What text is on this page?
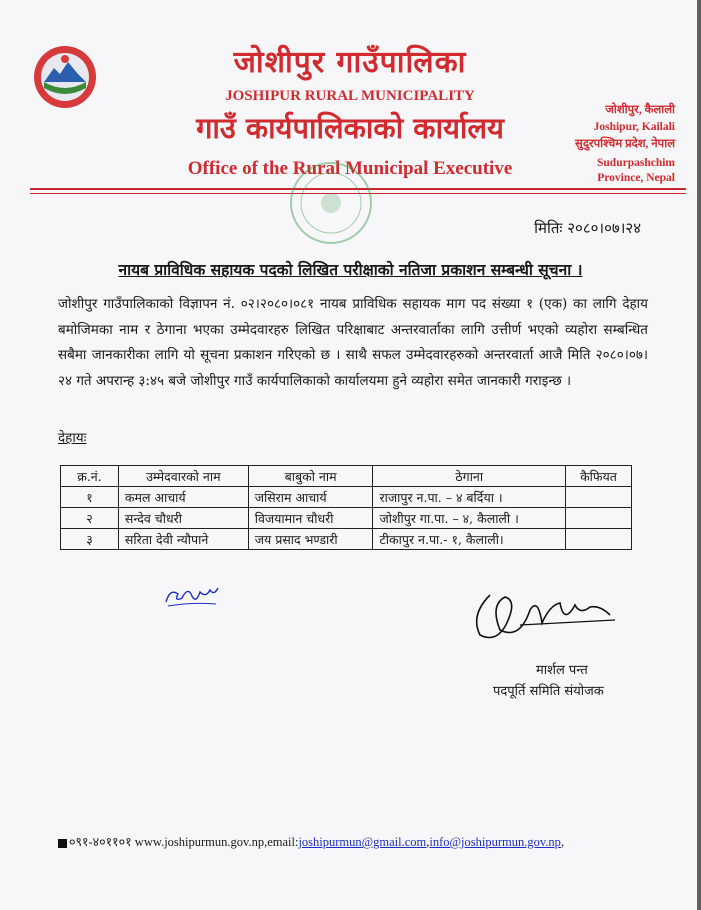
जोशीपुर गाउँपालिका
JOSHIPUR RURAL MUNICIPALITY
गाउँ कार्यपालिकाको कार्यालय
Office of the Rural Municipal Executive
जोशीपुर, कैलाली
Joshipur, Kailali
सुदुरपश्चिम प्रदेश, नेपाल
Sudurpashchim
Province, Nepal
मितिः २०८०।०७।२४
नायब प्राविधिक सहायक पदको लिखित परीक्षाको नतिजा प्रकाशन सम्बन्धी सूचना ।
जोशीपुर गाउँपालिकाको विज्ञापन नं. ०२।२०८०।०८१ नायब प्राविधिक सहायक माग पद संख्या १ (एक) का लागि देहाय बमोजिमका नाम र ठेगाना भएका उम्मेदवारहरु लिखित परिक्षाबाट अन्तरवार्ताका लागि उत्तीर्ण भएको व्यहोरा सम्बन्धित सबैमा जानकारीका लागि यो सूचना प्रकाशन गरिएको छ । साथै सफल उम्मेदवारहरुको अन्तरवार्ता आजै मिति २०८०।०७।२४ गते अपरान्ह ३:४५ बजे जोशीपुर गाउँ कार्यपालिकाको कार्यालयमा हुने व्यहोरा समेत जानकारी गराइन्छ ।
देहायः
क्र.नं.	उम्मेदवारको नाम	बाबुको नाम	ठेगाना	कैफियत
१	कमल आचार्य	जसिराम आचार्य	राजापुर न.पा. – ४ बर्दिया ।	
२	सन्देव चौधरी	विजयामान चौधरी	जोशीपुर गा.पा. – ४, कैलाली ।	
३	सरिता देवी न्यौपाने	जय प्रसाद भण्डारी	टीकापुर न.पा.- १, कैलाली।	
मार्शल पन्त
पदपूर्ति समिति संयोजक
०९१-४०११०१ www.joshipurmun.gov.np,email:joshipurmun@gmail.com,info@joshipurmun.gov.np,
